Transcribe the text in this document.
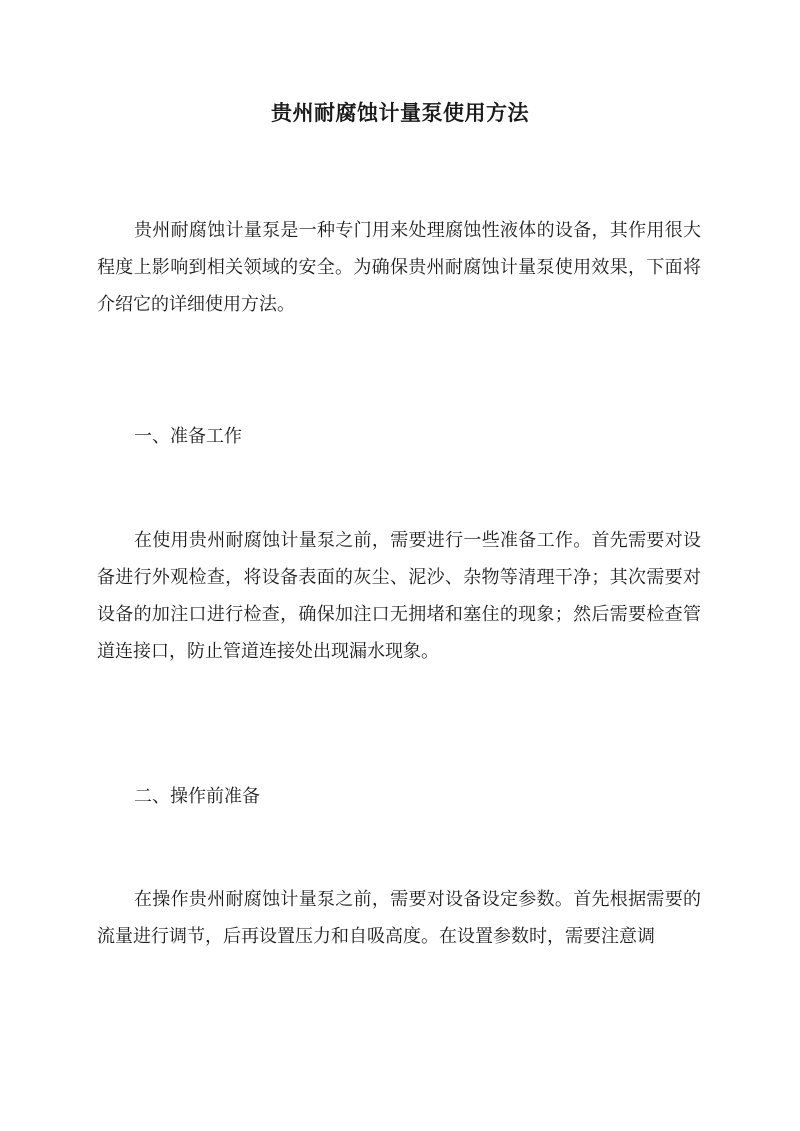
贵州耐腐蚀计量泵使用方法

贵州耐腐蚀计量泵是一种专门用来处理腐蚀性液体的设备，其作用很大程度上影响到相关领域的安全。为确保贵州耐腐蚀计量泵使用效果，下面将介绍它的详细使用方法。

一、准备工作

在使用贵州耐腐蚀计量泵之前，需要进行一些准备工作。首先需要对设备进行外观检查，将设备表面的灰尘、泥沙、杂物等清理干净；其次需要对设备的加注口进行检查，确保加注口无拥堵和塞住的现象；然后需要检查管道连接口，防止管道连接处出现漏水现象。

二、操作前准备

在操作贵州耐腐蚀计量泵之前，需要对设备设定参数。首先根据需要的流量进行调节，后再设置压力和自吸高度。在设置参数时，需要注意调
